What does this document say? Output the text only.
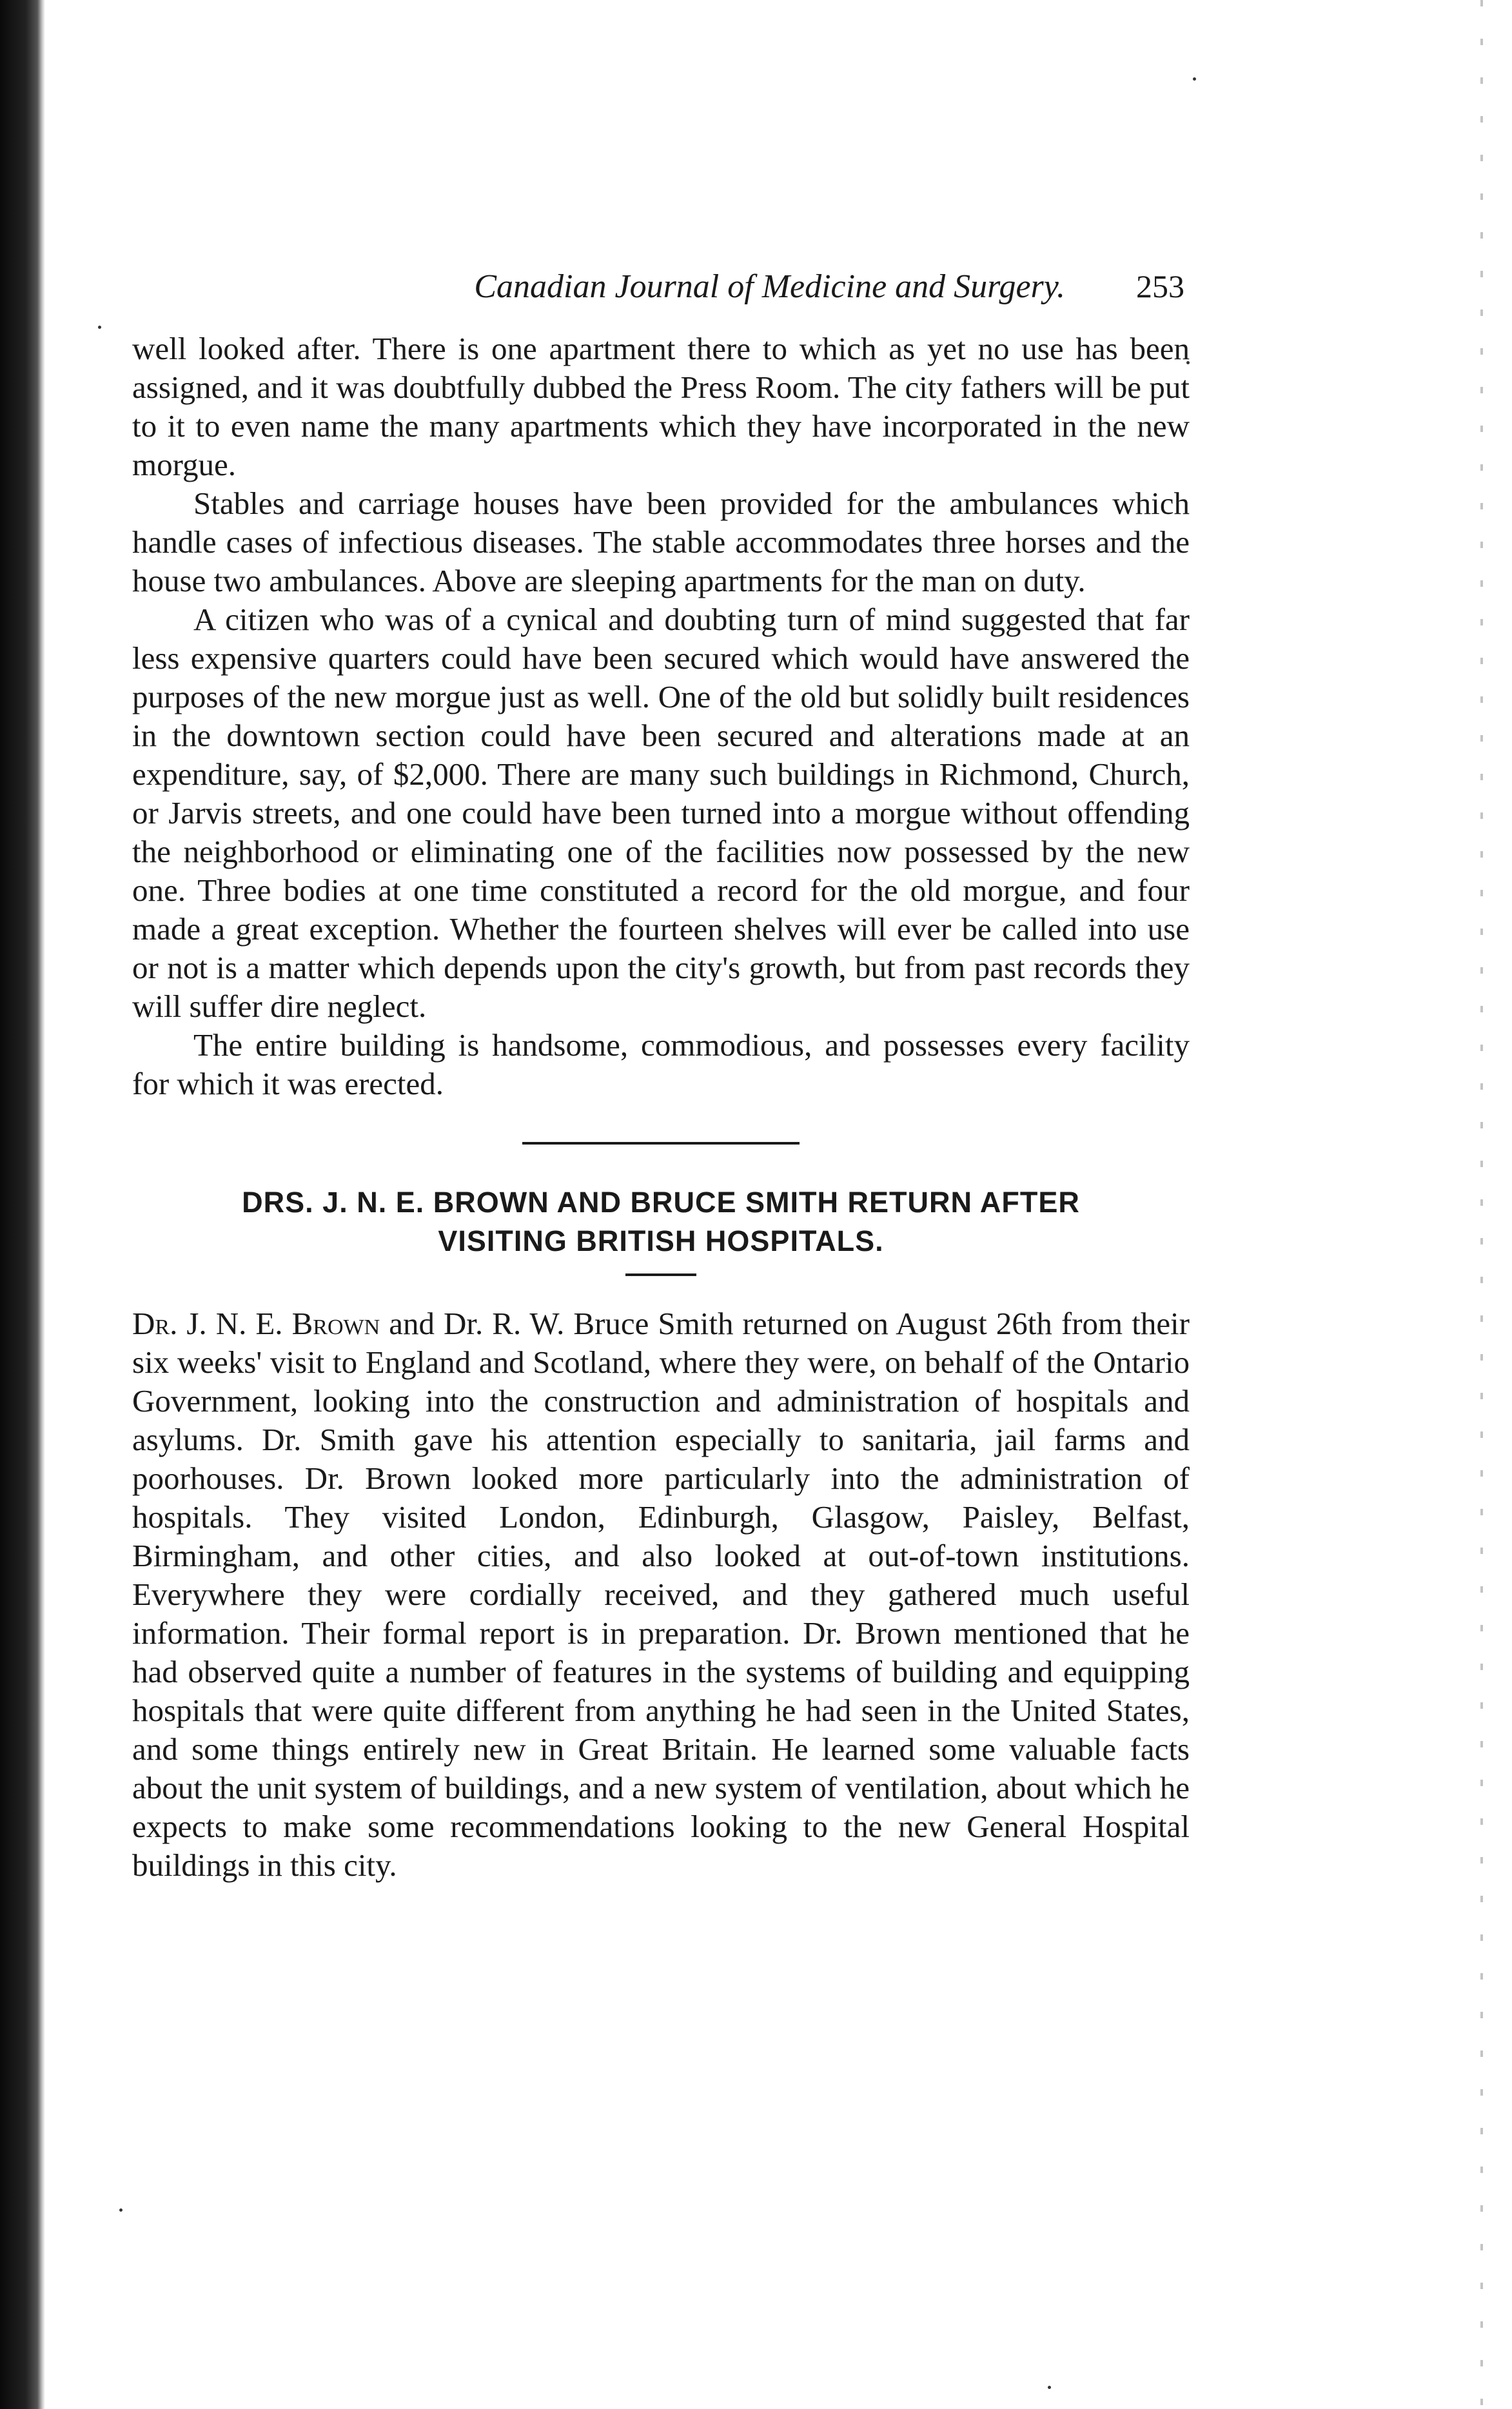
Canadian Journal of Medicine and Surgery. 253

well looked after. There is one apartment there to which as yet no use has been assigned, and it was doubtfully dubbed the Press Room. The city fathers will be put to it to even name the many apartments which they have incorporated in the new morgue.

Stables and carriage houses have been provided for the ambulances which handle cases of infectious diseases. The stable accommodates three horses and the house two ambulances. Above are sleeping apartments for the man on duty.

A citizen who was of a cynical and doubting turn of mind suggested that far less expensive quarters could have been secured which would have answered the purposes of the new morgue just as well. One of the old but solidly built residences in the downtown section could have been secured and alterations made at an expenditure, say, of $2,000. There are many such buildings in Richmond, Church, or Jarvis streets, and one could have been turned into a morgue without offending the neighborhood or eliminating one of the facilities now possessed by the new one. Three bodies at one time constituted a record for the old morgue, and four made a great exception. Whether the fourteen shelves will ever be called into use or not is a matter which depends upon the city's growth, but from past records they will suffer dire neglect.

The entire building is handsome, commodious, and possesses every facility for which it was erected.

DRS. J. N. E. BROWN AND BRUCE SMITH RETURN AFTER
VISITING BRITISH HOSPITALS.

Dr. J. N. E. Brown and Dr. R. W. Bruce Smith returned on August 26th from their six weeks' visit to England and Scotland, where they were, on behalf of the Ontario Government, looking into the construction and administration of hospitals and asylums. Dr. Smith gave his attention especially to sanitaria, jail farms and poorhouses. Dr. Brown looked more particularly into the administration of hospitals. They visited London, Edinburgh, Glasgow, Paisley, Belfast, Birmingham, and other cities, and also looked at out-of-town institutions. Everywhere they were cordially received, and they gathered much useful information. Their formal report is in preparation. Dr. Brown mentioned that he had observed quite a number of features in the systems of building and equipping hospitals that were quite different from anything he had seen in the United States, and some things entirely new in Great Britain. He learned some valuable facts about the unit system of buildings, and a new system of ventilation, about which he expects to make some recommendations looking to the new General Hospital buildings in this city.
